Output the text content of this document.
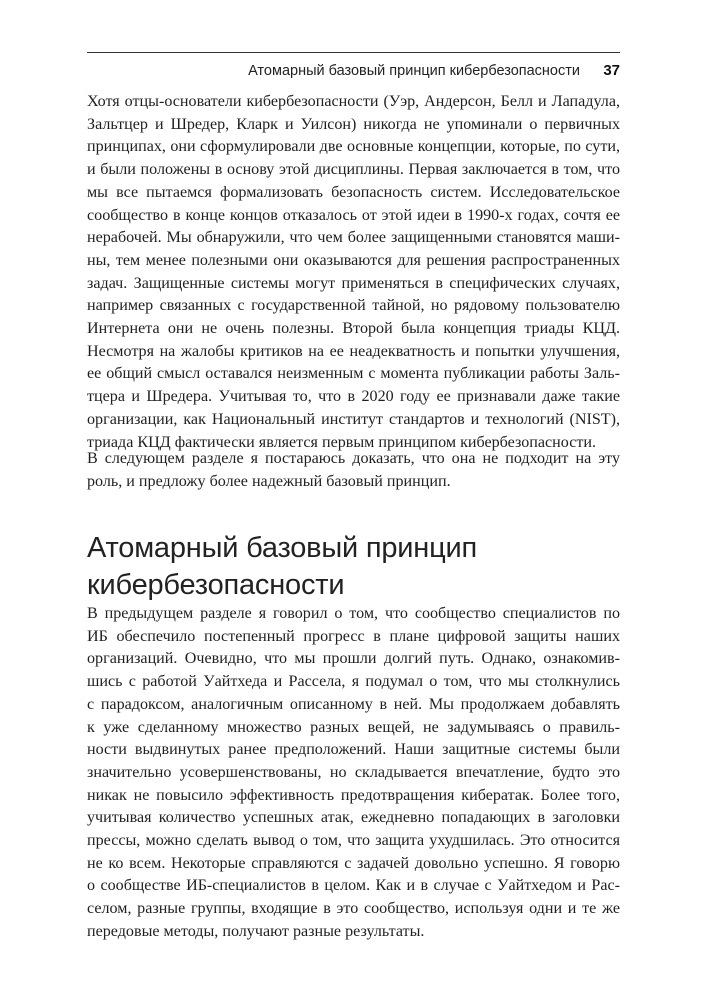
Атомарный базовый принцип кибербезопасности 37

Хотя отцы-основатели кибербезопасности (Уэр, Андерсон, Белл и Лападула,
Зальтцер и Шредер, Кларк и Уилсон) никогда не упоминали о первичных
принципах, они сформулировали две основные концепции, которые, по сути,
и были положены в основу этой дисциплины. Первая заключается в том, что
мы все пытаемся формализовать безопасность систем. Исследовательское
сообщество в конце концов отказалось от этой идеи в 1990-х годах, сочтя ее
нерабочей. Мы обнаружили, что чем более защищенными становятся маши-
ны, тем менее полезными они оказываются для решения распространенных
задач. Защищенные системы могут применяться в специфических случаях,
например связанных с государственной тайной, но рядовому пользователю
Интернета они не очень полезны. Второй была концепция триады КЦД.
Несмотря на жалобы критиков на ее неадекватность и попытки улучшения,
ее общий смысл оставался неизменным с момента публикации работы Заль-
тцера и Шредера. Учитывая то, что в 2020 году ее признавали даже такие
организации, как Национальный институт стандартов и технологий (NIST),
триада КЦД фактически является первым принципом кибербезопасности.

В следующем разделе я постараюсь доказать, что она не подходит на эту
роль, и предложу более надежный базовый принцип.

Атомарный базовый принцип
кибербезопасности

В предыдущем разделе я говорил о том, что сообщество специалистов по
ИБ обеспечило постепенный прогресс в плане цифровой защиты наших
организаций. Очевидно, что мы прошли долгий путь. Однако, ознакомив-
шись с работой Уайтхеда и Рассела, я подумал о том, что мы столкнулись
с парадоксом, аналогичным описанному в ней. Мы продолжаем добавлять
к уже сделанному множество разных вещей, не задумываясь о правиль-
ности выдвинутых ранее предположений. Наши защитные системы были
значительно усовершенствованы, но складывается впечатление, будто это
никак не повысило эффективность предотвращения кибератак. Более того,
учитывая количество успешных атак, ежедневно попадающих в заголовки
прессы, можно сделать вывод о том, что защита ухудшилась. Это относится
не ко всем. Некоторые справляются с задачей довольно успешно. Я говорю
о сообществе ИБ-специалистов в целом. Как и в случае с Уайтхедом и Рас-
селом, разные группы, входящие в это сообщество, используя одни и те же
передовые методы, получают разные результаты.
